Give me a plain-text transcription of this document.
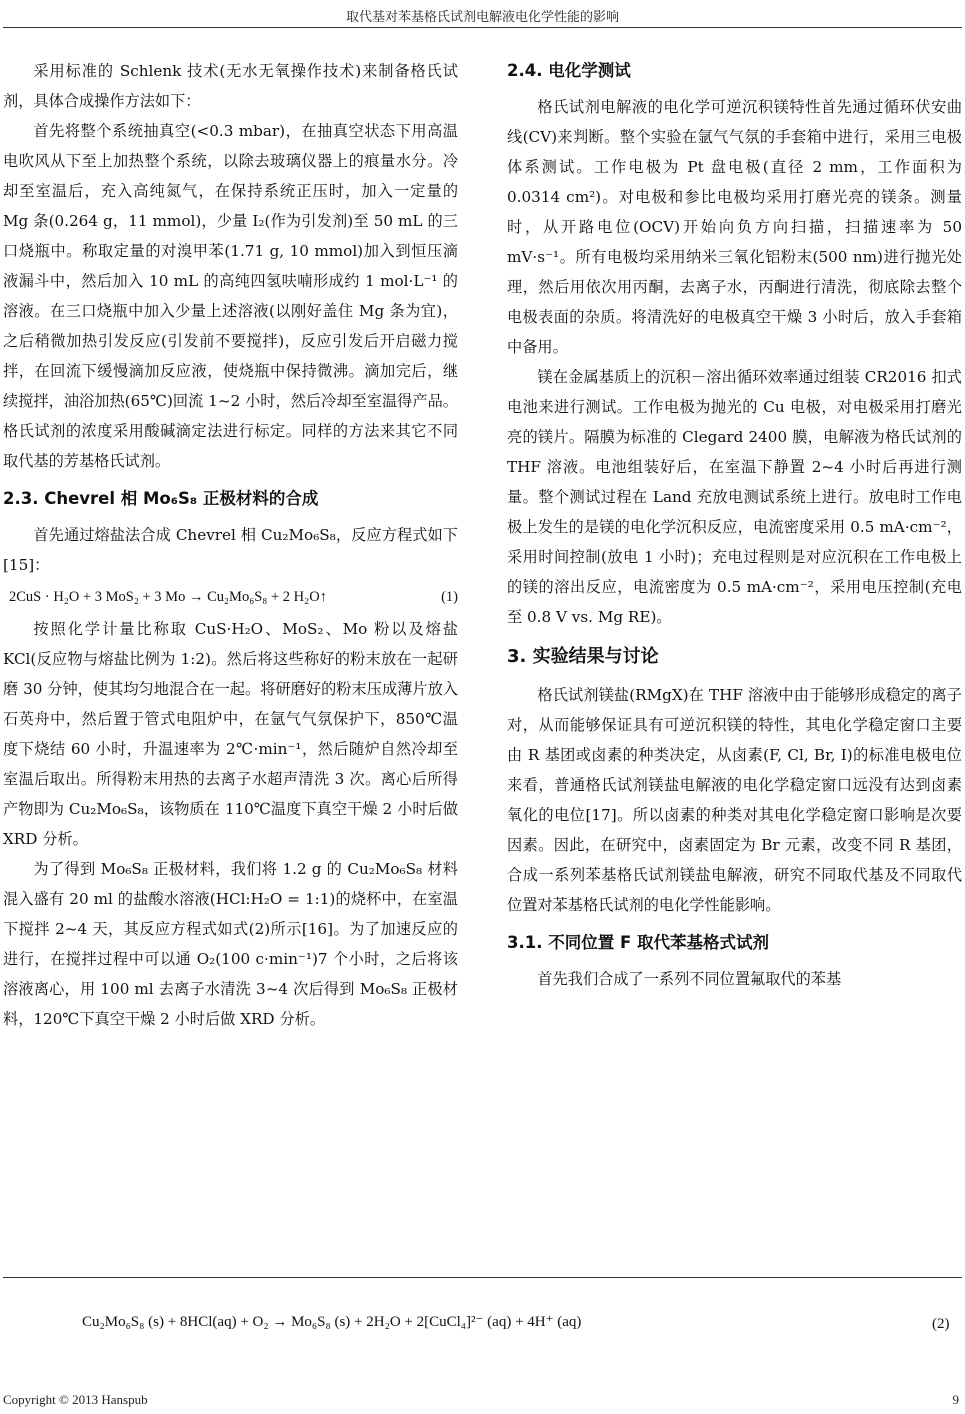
取代基对苯基格氏试剂电解液电化学性能的影响

采用标准的 Schlenk 技术(无水无氧操作技术)来制备格氏试剂，具体合成操作方法如下：

首先将整个系统抽真空(<0.3 mbar)，在抽真空状态下用高温电吹风从下至上加热整个系统，以除去玻璃仪器上的痕量水分。冷却至室温后，充入高纯氮气，在保持系统正压时，加入一定量的 Mg 条(0.264 g，11 mmol)，少量 I₂(作为引发剂)至 50 mL 的三口烧瓶中。称取定量的对溴甲苯(1.71 g, 10 mmol)加入到恒压滴液漏斗中，然后加入 10 mL 的高纯四氢呋喃形成约 1 mol·L⁻¹ 的溶液。在三口烧瓶中加入少量上述溶液(以刚好盖住 Mg 条为宜)，之后稍微加热引发反应(引发前不要搅拌)，反应引发后开启磁力搅拌，在回流下缓慢滴加反应液，使烧瓶中保持微沸。滴加完后，继续搅拌，油浴加热(65℃)回流 1~2 小时，然后冷却至室温得产品。格氏试剂的浓度采用酸碱滴定法进行标定。同样的方法来其它不同取代基的芳基格氏试剂。

2.3. Chevrel 相 Mo₆S₈ 正极材料的合成

首先通过熔盐法合成 Chevrel 相 Cu₂Mo₆S₈，反应方程式如下[15]：

2CuS · H₂O + 3 MoS₂ + 3 Mo → Cu₂Mo₆S₈ + 2 H₂O↑	(1)

按照化学计量比称取 CuS·H₂O、MoS₂、Mo 粉以及熔盐 KCl(反应物与熔盐比例为 1:2)。然后将这些称好的粉末放在一起研磨 30 分钟，使其均匀地混合在一起。将研磨好的粉末压成薄片放入石英舟中，然后置于管式电阻炉中，在氩气气氛保护下，850℃温度下烧结 60 小时，升温速率为 2℃·min⁻¹，然后随炉自然冷却至室温后取出。所得粉末用热的去离子水超声清洗 3 次。离心后所得产物即为 Cu₂Mo₆S₈，该物质在 110℃温度下真空干燥 2 小时后做 XRD 分析。

为了得到 Mo₆S₈ 正极材料，我们将 1.2 g 的 Cu₂Mo₆S₈ 材料混入盛有 20 ml 的盐酸水溶液(HCl:H₂O = 1:1)的烧杯中，在室温下搅拌 2~4 天，其反应方程式如式(2)所示[16]。为了加速反应的进行，在搅拌过程中可以通 O₂(100 c·min⁻¹)7 个小时，之后将该溶液离心，用 100 ml 去离子水清洗 3~4 次后得到 Mo₆S₈ 正极材料，120℃下真空干燥 2 小时后做 XRD 分析。

2.4. 电化学测试

格氏试剂电解液的电化学可逆沉积镁特性首先通过循环伏安曲线(CV)来判断。整个实验在氩气气氛的手套箱中进行，采用三电极体系测试。工作电极为 Pt 盘电极(直径 2 mm，工作面积为 0.0314 cm²)。对电极和参比电极均采用打磨光亮的镁条。测量时，从开路电位(OCV)开始向负方向扫描，扫描速率为 50 mV·s⁻¹。所有电极均采用纳米三氧化铝粉末(500 nm)进行抛光处理，然后用依次用丙酮，去离子水，丙酮进行清洗，彻底除去整个电极表面的杂质。将清洗好的电极真空干燥 3 小时后，放入手套箱中备用。

镁在金属基质上的沉积－溶出循环效率通过组装 CR2016 扣式电池来进行测试。工作电极为抛光的 Cu 电极，对电极采用打磨光亮的镁片。隔膜为标准的 Clegard 2400 膜，电解液为格氏试剂的 THF 溶液。电池组装好后，在室温下静置 2~4 小时后再进行测量。整个测试过程在 Land 充放电测试系统上进行。放电时工作电极上发生的是镁的电化学沉积反应，电流密度采用 0.5 mA·cm⁻²，采用时间控制(放电 1 小时)；充电过程则是对应沉积在工作电极上的镁的溶出反应，电流密度为 0.5 mA·cm⁻²，采用电压控制(充电至 0.8 V vs. Mg RE)。

3. 实验结果与讨论

格氏试剂镁盐(RMgX)在 THF 溶液中由于能够形成稳定的离子对，从而能够保证具有可逆沉积镁的特性，其电化学稳定窗口主要由 R 基团或卤素的种类决定，从卤素(F, Cl, Br, I)的标准电极电位来看，普通格氏试剂镁盐电解液的电化学稳定窗口远没有达到卤素氧化的电位[17]。所以卤素的种类对其电化学稳定窗口影响是次要因素。因此，在研究中，卤素固定为 Br 元素，改变不同 R 基团，合成一系列苯基格氏试剂镁盐电解液，研究不同取代基及不同取代位置对苯基格氏试剂的电化学性能影响。

3.1. 不同位置 F 取代苯基格式试剂

首先我们合成了一系列不同位置氟取代的苯基

Cu₂Mo₆S₈ (s) + 8HCl(aq) + O₂ → Mo₆S₈ (s) + 2H₂O + 2[CuCl₄]²⁻ (aq) + 4H⁺ (aq)	(2)
Copyright © 2013 Hanspub	9
